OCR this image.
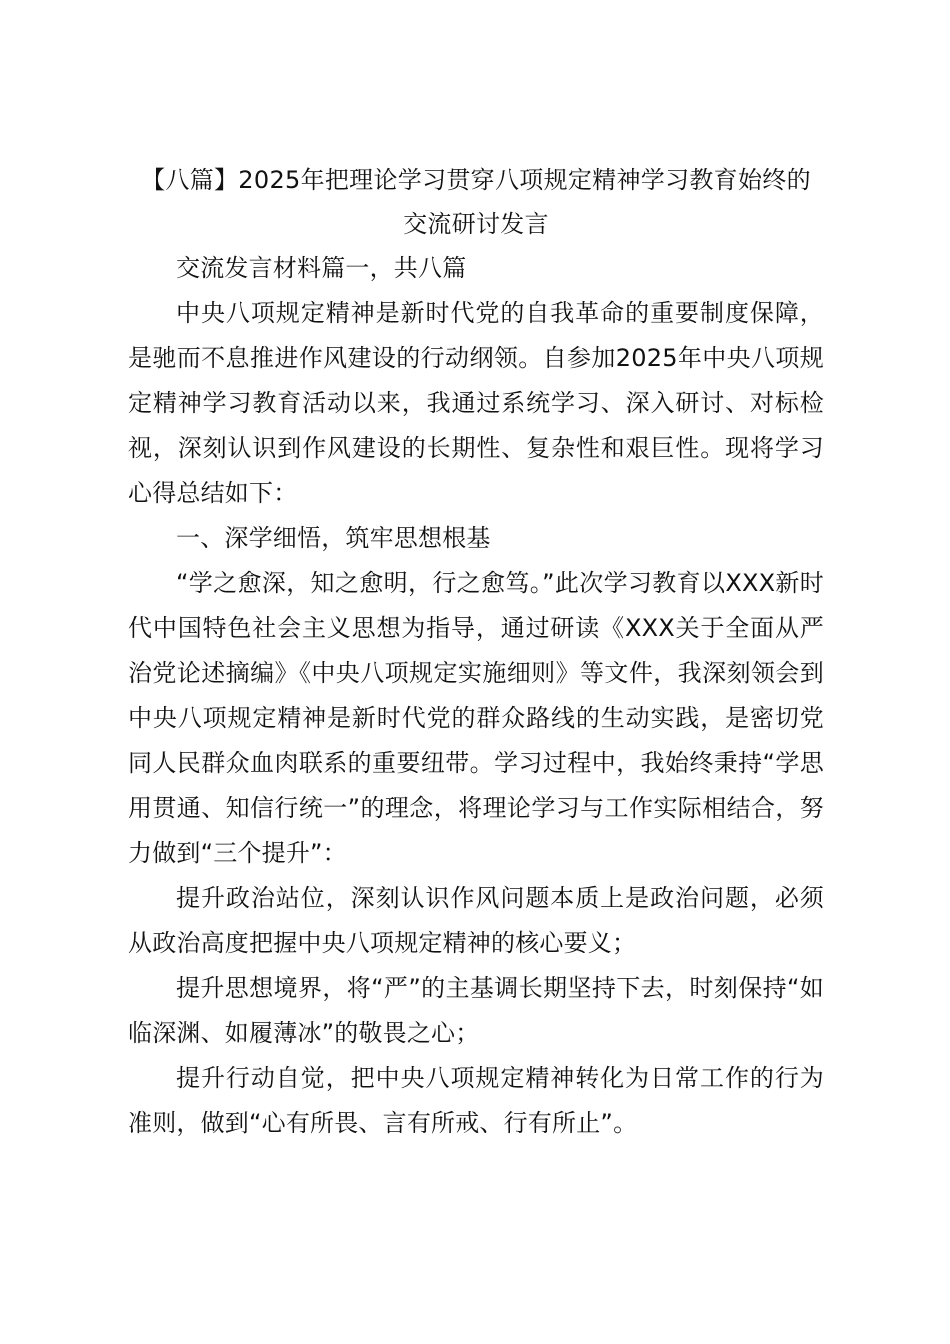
【八篇】2025年把理论学习贯穿八项规定精神学习教育始终的
交流研讨发言

交流发言材料篇一，共八篇

中央八项规定精神是新时代党的自我革命的重要制度保障，是驰而不息推进作风建设的行动纲领。自参加2025年中央八项规定精神学习教育活动以来，我通过系统学习、深入研讨、对标检视，深刻认识到作风建设的长期性、复杂性和艰巨性。现将学习心得总结如下：

一、深学细悟，筑牢思想根基

“学之愈深，知之愈明，行之愈笃。”此次学习教育以XXX新时代中国特色社会主义思想为指导，通过研读《XXX关于全面从严治党论述摘编》《中央八项规定实施细则》等文件，我深刻领会到中央八项规定精神是新时代党的群众路线的生动实践，是密切党同人民群众血肉联系的重要纽带。学习过程中，我始终秉持“学思用贯通、知信行统一”的理念，将理论学习与工作实际相结合，努力做到“三个提升”：

提升政治站位，深刻认识作风问题本质上是政治问题，必须从政治高度把握中央八项规定精神的核心要义；

提升思想境界，将“严”的主基调长期坚持下去，时刻保持“如临深渊、如履薄冰”的敬畏之心；

提升行动自觉，把中央八项规定精神转化为日常工作的行为准则，做到“心有所畏、言有所戒、行有所止”。
